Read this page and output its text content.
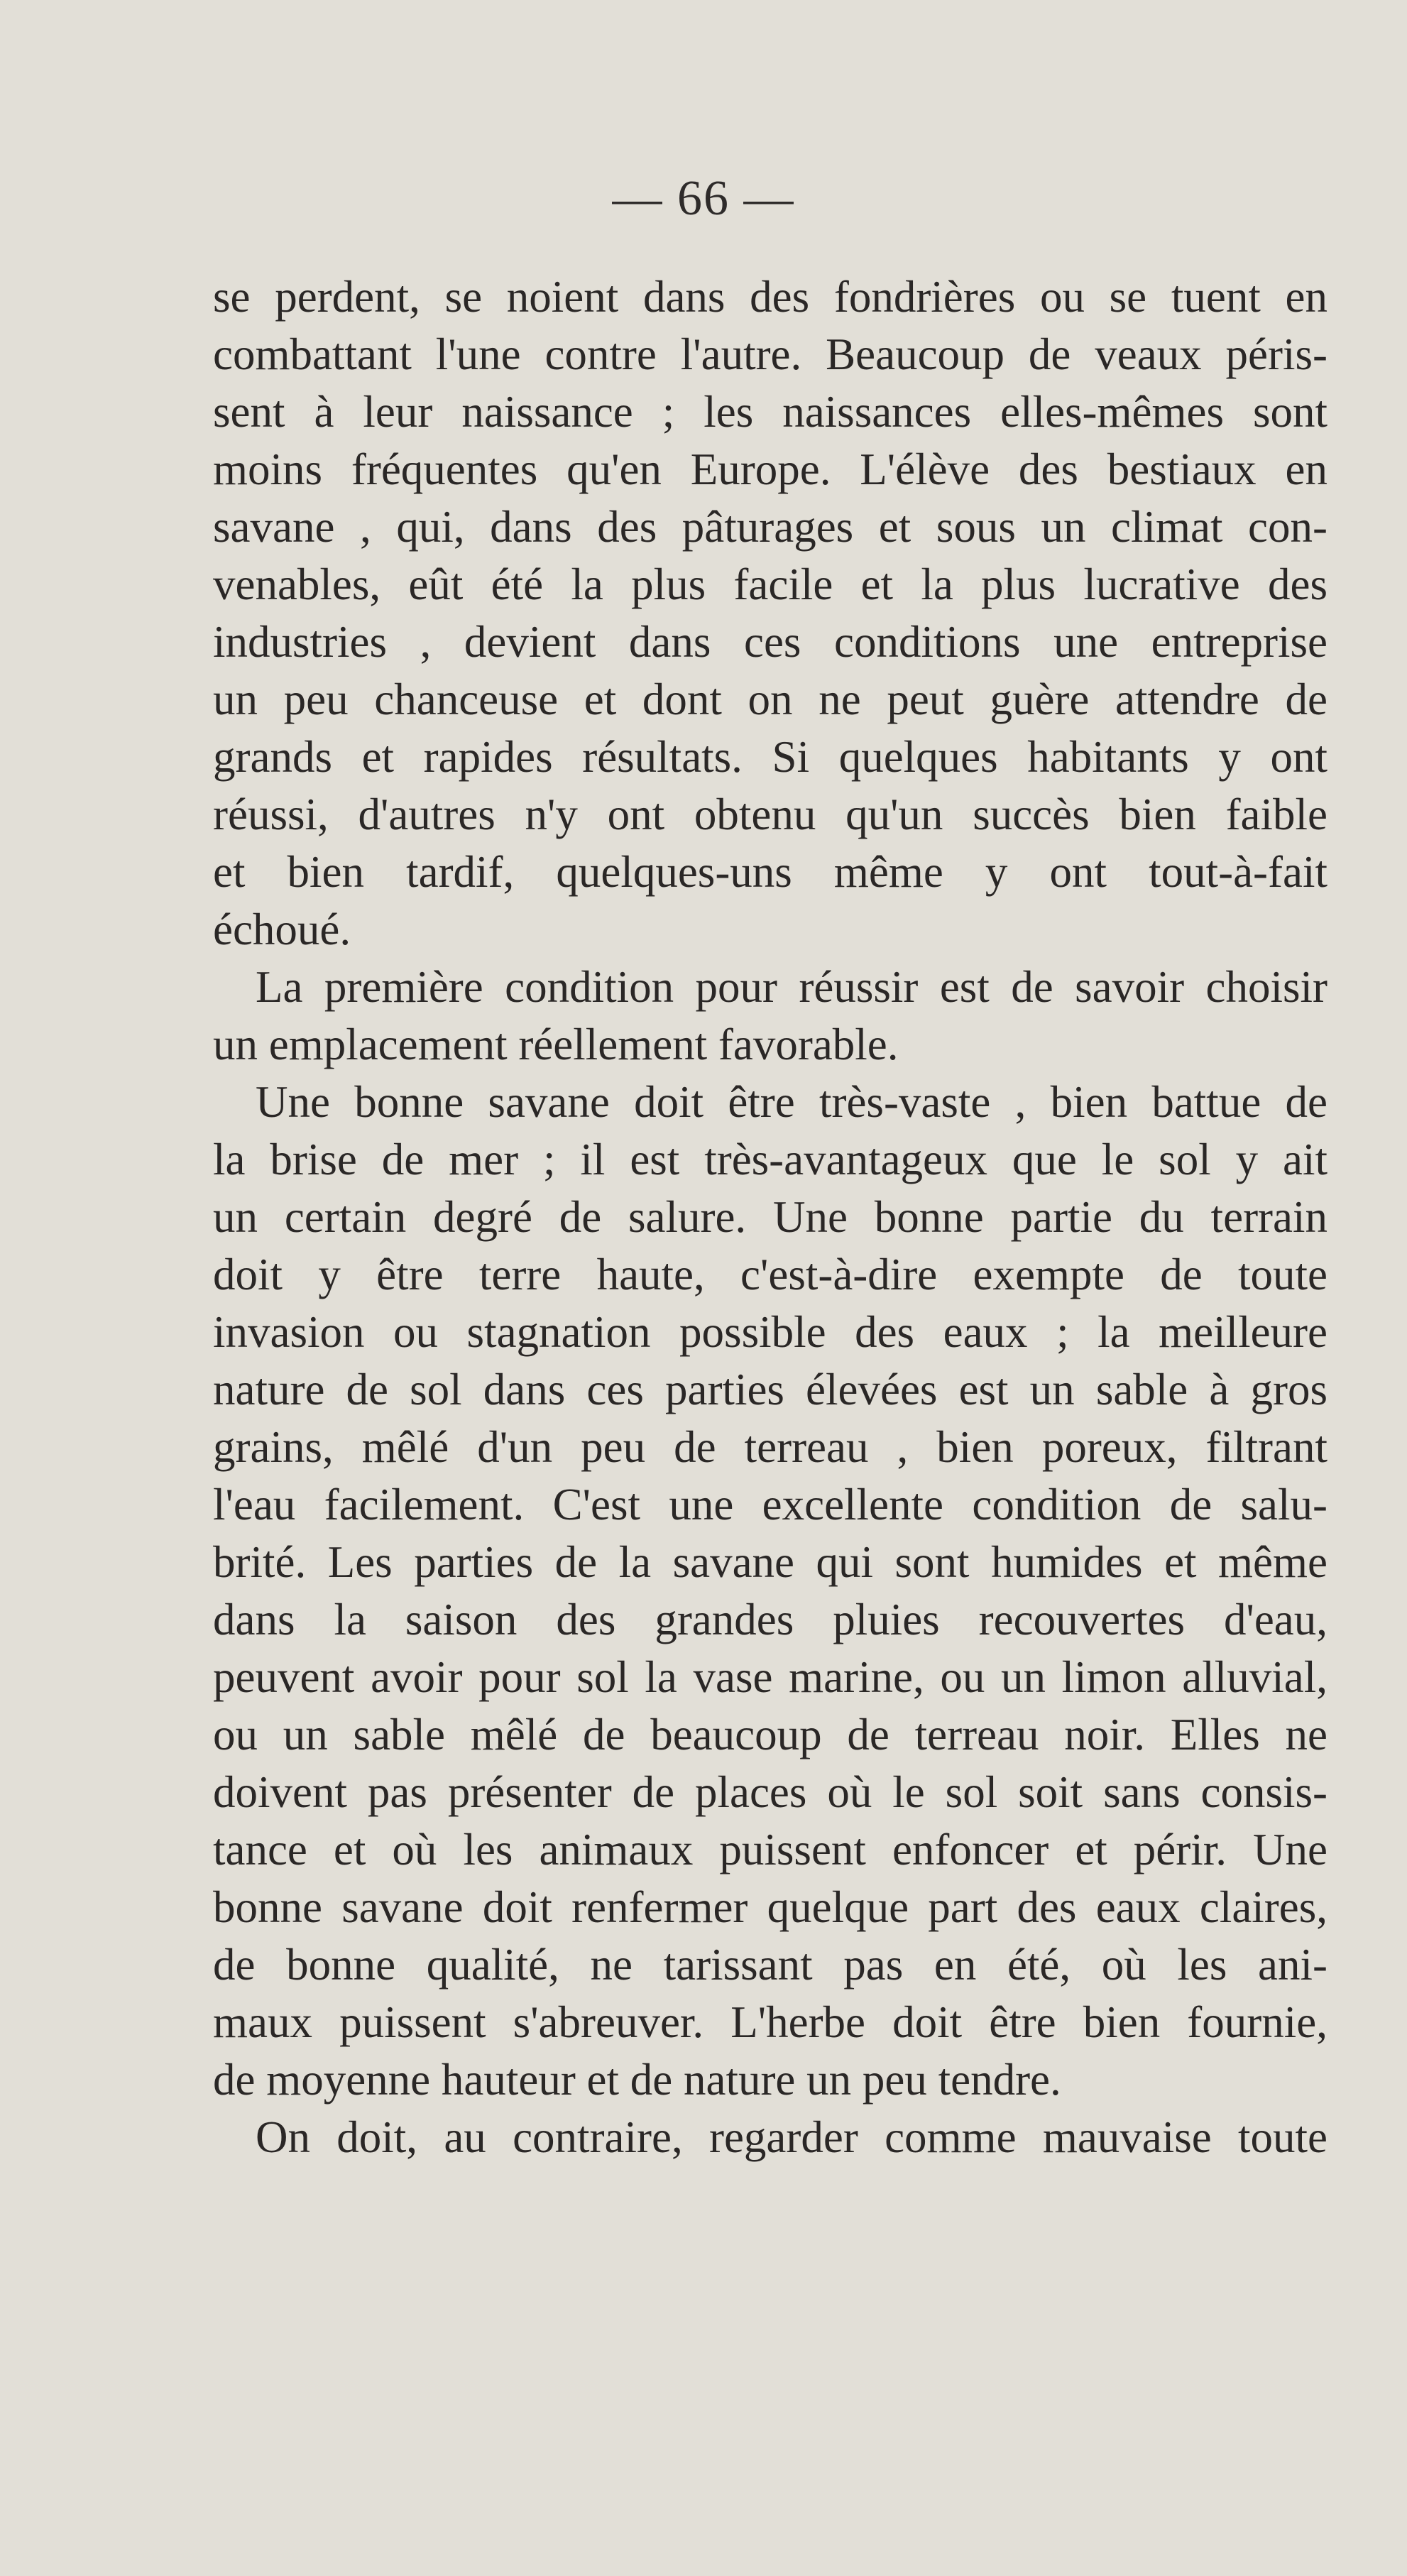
— 66 —
se perdent, se noient dans des fondrières ou se tuent en
combattant l'une contre l'autre. Beaucoup de veaux péris-
sent à leur naissance ; les naissances elles-mêmes sont
moins fréquentes qu'en Europe. L'élève des bestiaux en
savane , qui, dans des pâturages et sous un climat con-
venables, eût été la plus facile et la plus lucrative des
industries , devient dans ces conditions une entreprise
un peu chanceuse et dont on ne peut guère attendre de
grands et rapides résultats. Si quelques habitants y ont
réussi, d'autres n'y ont obtenu qu'un succès bien faible
et bien tardif, quelques-uns même y ont tout-à-fait
échoué.
La première condition pour réussir est de savoir choisir
un emplacement réellement favorable.
Une bonne savane doit être très-vaste , bien battue de
la brise de mer ; il est très-avantageux que le sol y ait
un certain degré de salure. Une bonne partie du terrain
doit y être terre haute, c'est-à-dire exempte de toute
invasion ou stagnation possible des eaux ; la meilleure
nature de sol dans ces parties élevées est un sable à gros
grains, mêlé d'un peu de terreau , bien poreux, filtrant
l'eau facilement. C'est une excellente condition de salu-
brité. Les parties de la savane qui sont humides et même
dans la saison des grandes pluies recouvertes d'eau,
peuvent avoir pour sol la vase marine, ou un limon alluvial,
ou un sable mêlé de beaucoup de terreau noir. Elles ne
doivent pas présenter de places où le sol soit sans consis-
tance et où les animaux puissent enfoncer et périr. Une
bonne savane doit renfermer quelque part des eaux claires,
de bonne qualité, ne tarissant pas en été, où les ani-
maux puissent s'abreuver. L'herbe doit être bien fournie,
de moyenne hauteur et de nature un peu tendre.
On doit, au contraire, regarder comme mauvaise toute
